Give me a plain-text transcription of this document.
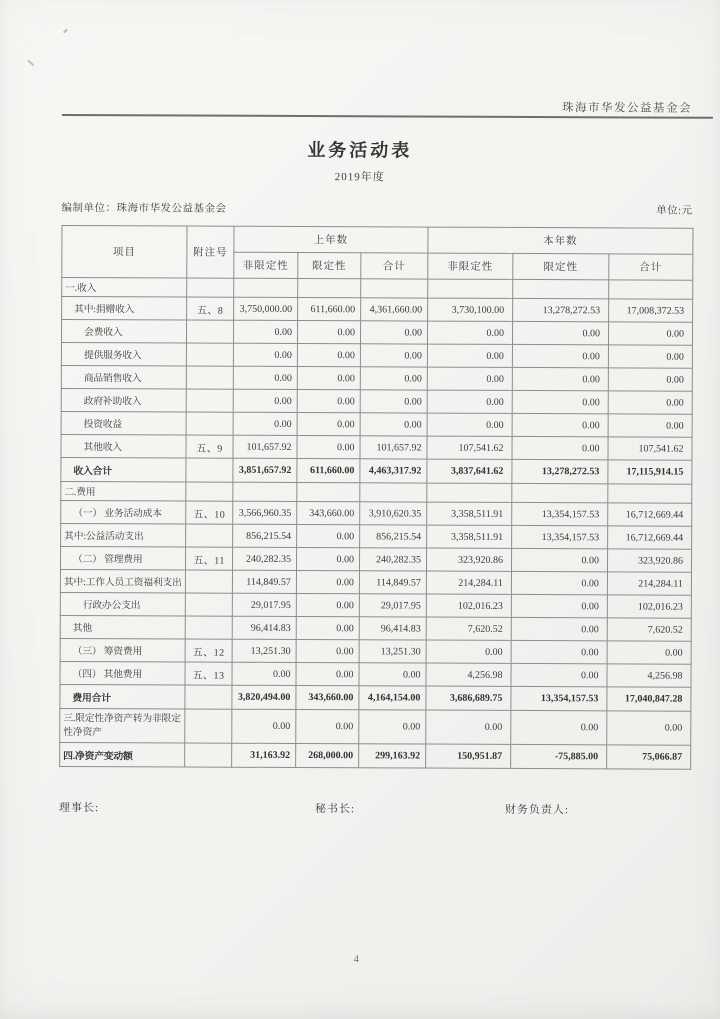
珠海市华发公益基金会
业务活动表
2019年度
编制单位：珠海市华发公益基金会	单位:元
项目	附注号	上年数			本年数		
		非限定性	限定性	合计	非限定性	限定性	合计
一.收入							
其中:捐赠收入	五、8	3,750,000.00	611,660.00	4,361,660.00	3,730,100.00	13,278,272.53	17,008,372.53
会费收入		0.00	0.00	0.00	0.00	0.00	0.00
提供服务收入		0.00	0.00	0.00	0.00	0.00	0.00
商品销售收入		0.00	0.00	0.00	0.00	0.00	0.00
政府补助收入		0.00	0.00	0.00	0.00	0.00	0.00
投资收益		0.00	0.00	0.00	0.00	0.00	0.00
其他收入	五、9	101,657.92	0.00	101,657.92	107,541.62	0.00	107,541.62
收入合计		3,851,657.92	611,660.00	4,463,317.92	3,837,641.62	13,278,272.53	17,115,914.15
二.费用							
（一） 业务活动成本	五、10	3,566,960.35	343,660.00	3,910,620.35	3,358,511.91	13,354,157.53	16,712,669.44
其中:公益活动支出		856,215.54	0.00	856,215.54	3,358,511.91	13,354,157.53	16,712,669.44
（二） 管理费用	五、11	240,282.35	0.00	240,282.35	323,920.86	0.00	323,920.86
其中:工作人员工资福利支出		114,849.57	0.00	114,849.57	214,284.11	0.00	214,284.11
行政办公支出		29,017.95	0.00	29,017.95	102,016.23	0.00	102,016.23
其他		96,414.83	0.00	96,414.83	7,620.52	0.00	7,620.52
（三） 筹资费用	五、12	13,251.30	0.00	13,251.30	0.00	0.00	0.00
（四） 其他费用	五、13	0.00	0.00	0.00	4,256.98	0.00	4,256.98
费用合计		3,820,494.00	343,660.00	4,164,154.00	3,686,689.75	13,354,157.53	17,040,847.28
三.限定性净资产转为非限定性净资产		0.00	0.00	0.00	0.00	0.00	0.00
四.净资产变动额		31,163.92	268,000.00	299,163.92	150,951.87	-75,885.00	75,066.87
理事长:	秘书长:	财务负责人:
4
